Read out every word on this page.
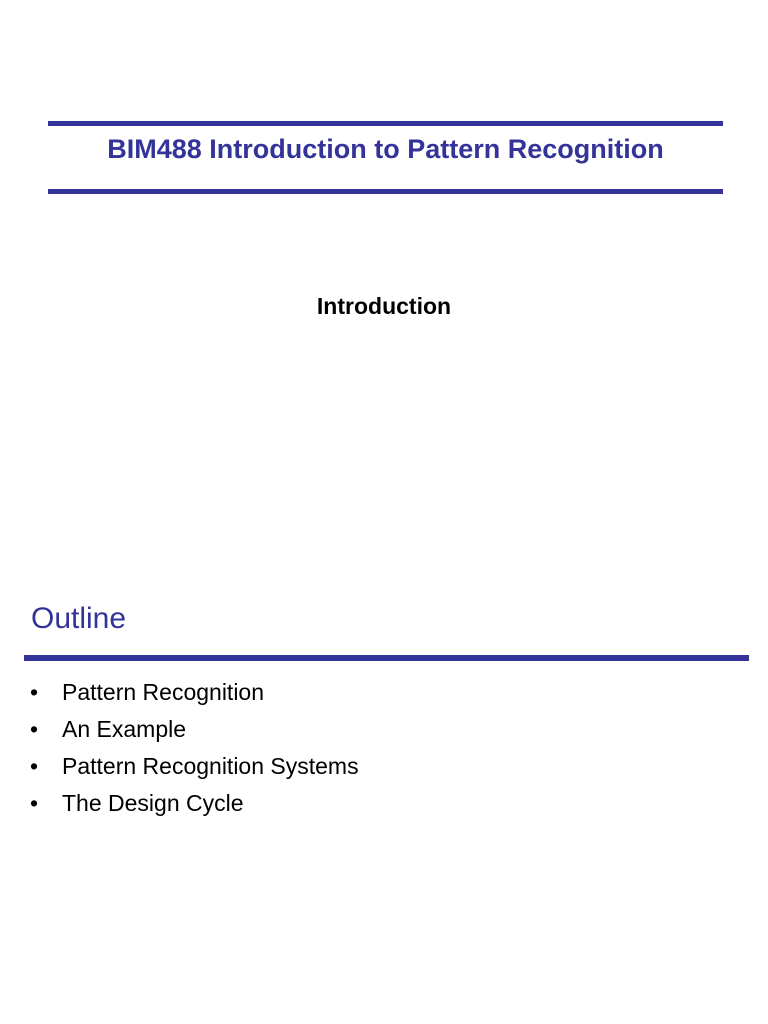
BIM488 Introduction to Pattern Recognition
Introduction
Outline
• Pattern Recognition
• An Example
• Pattern Recognition Systems
• The Design Cycle
